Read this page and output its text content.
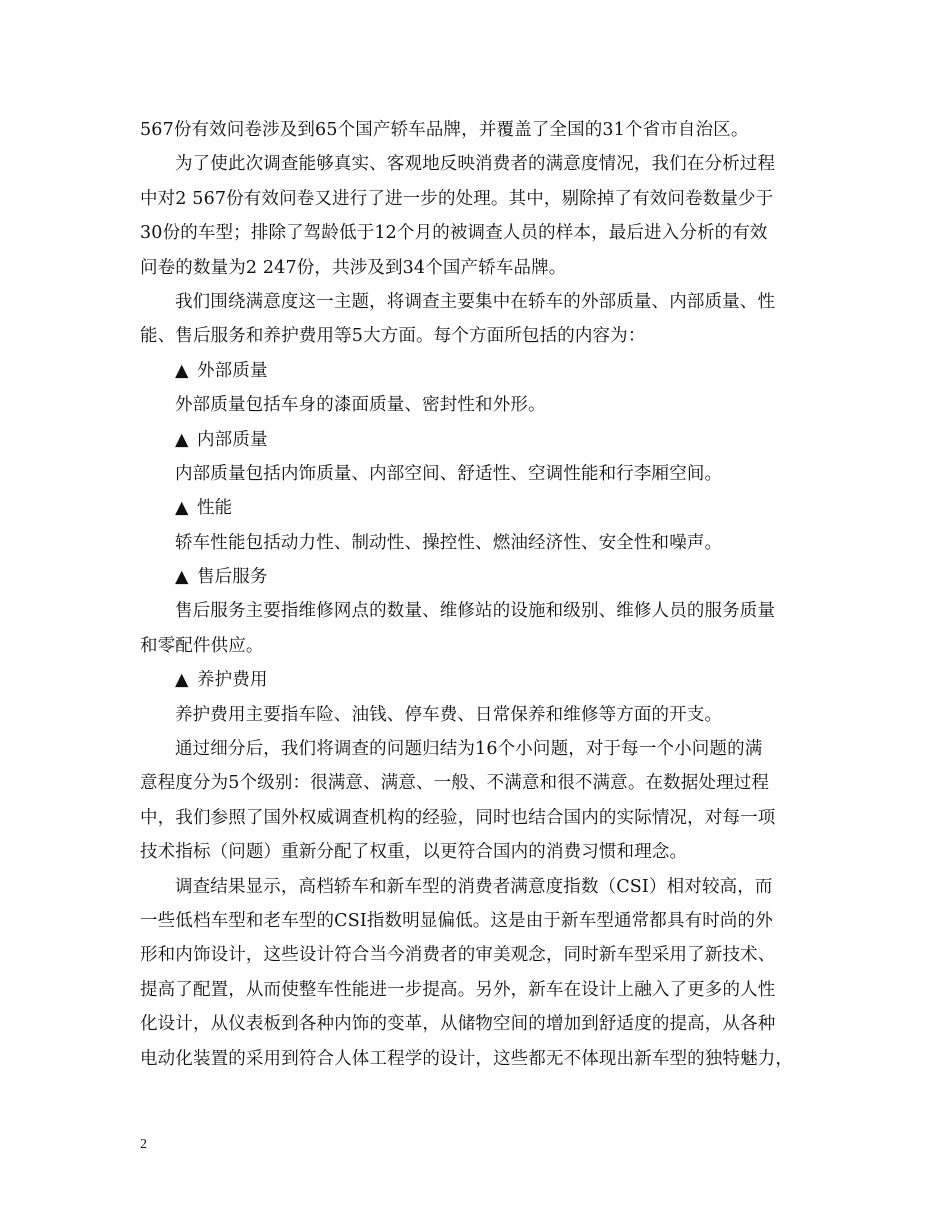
567份有效问卷涉及到65个国产轿车品牌，并覆盖了全国的31个省市自治区。
为了使此次调查能够真实、客观地反映消费者的满意度情况，我们在分析过程
中对2 567份有效问卷又进行了进一步的处理。其中，剔除掉了有效问卷数量少于
30份的车型；排除了驾龄低于12个月的被调查人员的样本，最后进入分析的有效
问卷的数量为2 247份，共涉及到34个国产轿车品牌。
我们围绕满意度这一主题，将调查主要集中在轿车的外部质量、内部质量、性
能、售后服务和养护费用等5大方面。每个方面所包括的内容为：
▲ 外部质量
外部质量包括车身的漆面质量、密封性和外形。
▲ 内部质量
内部质量包括内饰质量、内部空间、舒适性、空调性能和行李厢空间。
▲ 性能
轿车性能包括动力性、制动性、操控性、燃油经济性、安全性和噪声。
▲ 售后服务
售后服务主要指维修网点的数量、维修站的设施和级别、维修人员的服务质量
和零配件供应。
▲ 养护费用
养护费用主要指车险、油钱、停车费、日常保养和维修等方面的开支。
通过细分后，我们将调查的问题归结为16个小问题，对于每一个小问题的满
意程度分为5个级别：很满意、满意、一般、不满意和很不满意。在数据处理过程
中，我们参照了国外权威调查机构的经验，同时也结合国内的实际情况，对每一项
技术指标（问题）重新分配了权重，以更符合国内的消费习惯和理念。
调查结果显示，高档轿车和新车型的消费者满意度指数（CSI）相对较高，而
一些低档车型和老车型的CSI指数明显偏低。这是由于新车型通常都具有时尚的外
形和内饰设计，这些设计符合当今消费者的审美观念，同时新车型采用了新技术、
提高了配置，从而使整车性能进一步提高。另外，新车在设计上融入了更多的人性
化设计，从仪表板到各种内饰的变革，从储物空间的增加到舒适度的提高，从各种
电动化装置的采用到符合人体工程学的设计，这些都无不体现出新车型的独特魅力，
2
